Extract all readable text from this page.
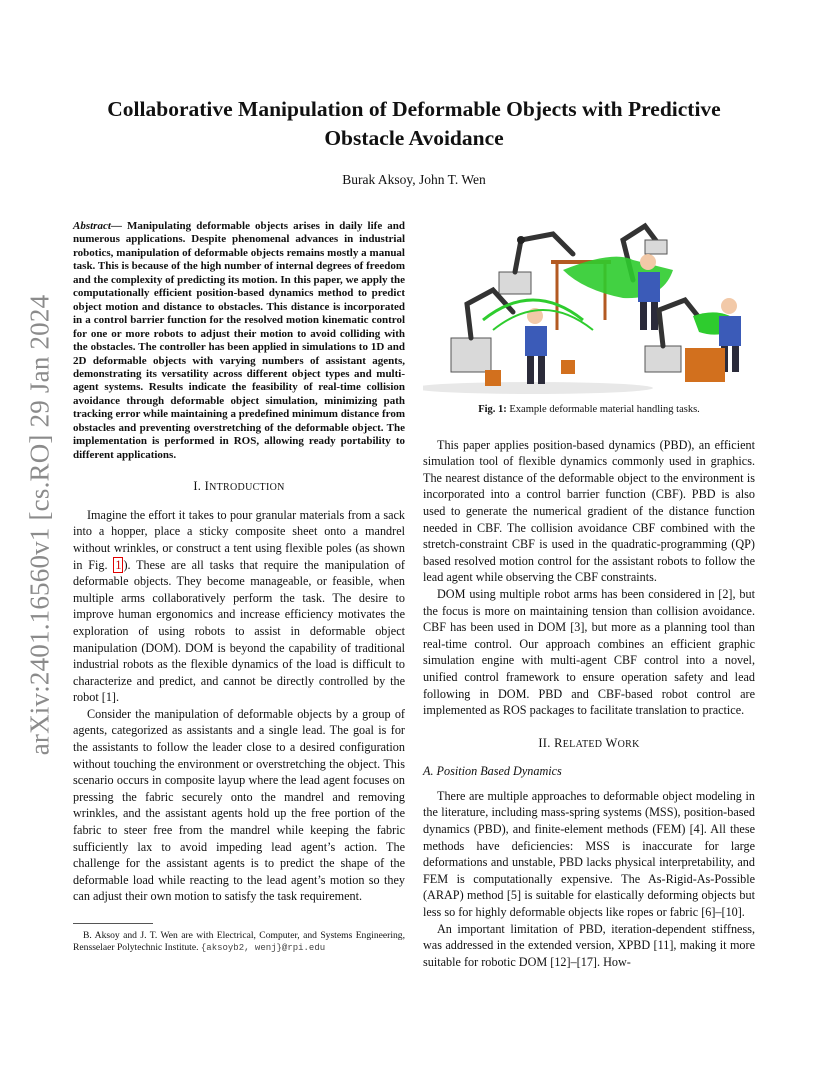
arXiv:2401.16560v1 [cs.RO] 29 Jan 2024
Collaborative Manipulation of Deformable Objects with Predictive Obstacle Avoidance
Burak Aksoy, John T. Wen

Abstract— Manipulating deformable objects arises in daily life and numerous applications. Despite phenomenal advances in industrial robotics, manipulation of deformable objects remains mostly a manual task. This is because of the high number of internal degrees of freedom and the complexity of predicting its motion. In this paper, we apply the computationally efficient position-based dynamics method to predict object motion and distance to obstacles. This distance is incorporated in a control barrier function for the resolved motion kinematic control for one or more robots to adjust their motion to avoid colliding with the obstacles. The controller has been applied in simulations to 1D and 2D deformable objects with varying numbers of assistant agents, demonstrating its versatility across different object types and multi-agent systems. Results indicate the feasibility of real-time collision avoidance through deformable object simulation, minimizing path tracking error while maintaining a predefined minimum distance from obstacles and preventing overstretching of the deformable object. The implementation is performed in ROS, allowing ready portability to different applications.

I. INTRODUCTION

Imagine the effort it takes to pour granular materials from a sack into a hopper, place a sticky composite sheet onto a mandrel without wrinkles, or construct a tent using flexible poles (as shown in Fig. 1 ). These are all tasks that require the manipulation of deformable objects. They become manageable, or feasible, when multiple arms collaboratively perform the task. The desire to improve human ergonomics and increase efficiency motivates the exploration of using robots to assist in deformable object manipulation (DOM). DOM is beyond the capability of traditional industrial robots as the flexible dynamics of the load is difficult to characterize and predict, and cannot be directly controlled by the robot [1].

Consider the manipulation of deformable objects by a group of agents, categorized as assistants and a single lead. The goal is for the assistants to follow the leader close to a desired configuration without touching the environment or overstretching the object. This scenario occurs in composite layup where the lead agent focuses on pressing the fabric securely onto the mandrel and removing wrinkles, and the assistant agents hold up the free portion of the fabric to steer free from the mandrel while keeping the fabric sufficiently lax to avoid impeding lead agent’s action. The challenge for the assistant agents is to predict the shape of the deformable load while reacting to the lead agent’s motion so they can adjust their own motion to satisfy the task requirement.

B. Aksoy and J. T. Wen are with Electrical, Computer, and Systems Engineering, Rensselaer Polytechnic Institute. {aksoyb2, wenj}@rpi.edu
Fig. 1: Example deformable material handling tasks.

This paper applies position-based dynamics (PBD), an efficient simulation tool of flexible dynamics commonly used in graphics. The nearest distance of the deformable object to the environment is incorporated into a control barrier function (CBF). PBD is also used to generate the numerical gradient of the distance function needed in CBF. The collision avoidance CBF combined with the stretch-constraint CBF is used in the quadratic-programming (QP) based resolved motion control for the assistant robots to follow the lead agent while observing the CBF constraints.

DOM using multiple robot arms has been considered in [2], but the focus is more on maintaining tension than collision avoidance. CBF has been used in DOM [3], but more as a planning tool than real-time control. Our approach combines an efficient graphic simulation engine with multi-agent CBF control into a novel, unified control framework to ensure operation safety and lead following in DOM. PBD and CBF-based robot control are implemented as ROS packages to facilitate translation to practice.

II. RELATED WORK
A. Position Based Dynamics

There are multiple approaches to deformable object modeling in the literature, including mass-spring systems (MSS), position-based dynamics (PBD), and finite-element methods (FEM) [4]. All these methods have deficiencies: MSS is inaccurate for large deformations and unstable, PBD lacks physical interpretability, and FEM is computationally expensive. The As-Rigid-As-Possible (ARAP) method [5] is suitable for elastically deforming objects but less so for highly deformable objects like ropes or fabric [6]–[10].

An important limitation of PBD, iteration-dependent stiffness, was addressed in the extended version, XPBD [11], making it more suitable for robotic DOM [12]–[17]. How-
